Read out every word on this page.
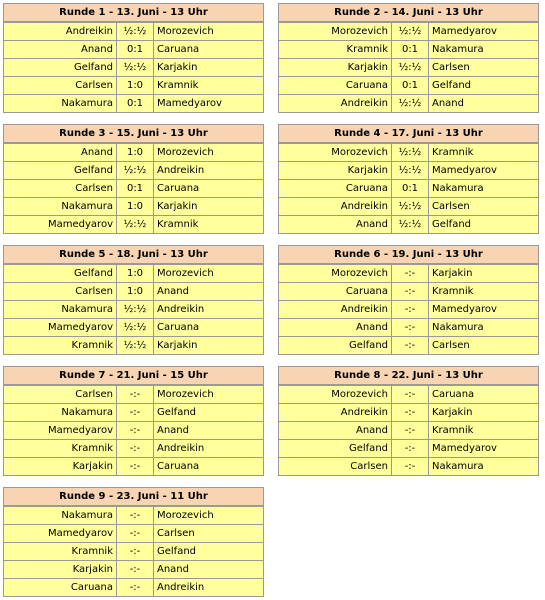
Runde 1 - 13. Juni - 13 Uhr
Andreikin	½:½	Morozevich
Anand	0:1	Caruana
Gelfand	½:½	Karjakin
Carlsen	1:0	Kramnik
Nakamura	0:1	Mamedyarov
Runde 2 - 14. Juni - 13 Uhr
Morozevich	½:½	Mamedyarov
Kramnik	0:1	Nakamura
Karjakin	½:½	Carlsen
Caruana	0:1	Gelfand
Andreikin	½:½	Anand
Runde 3 - 15. Juni - 13 Uhr
Anand	1:0	Morozevich
Gelfand	½:½	Andreikin
Carlsen	0:1	Caruana
Nakamura	1:0	Karjakin
Mamedyarov	½:½	Kramnik
Runde 4 - 17. Juni - 13 Uhr
Morozevich	½:½	Kramnik
Karjakin	½:½	Mamedyarov
Caruana	0:1	Nakamura
Andreikin	½:½	Carlsen
Anand	½:½	Gelfand
Runde 5 - 18. Juni - 13 Uhr
Gelfand	1:0	Morozevich
Carlsen	1:0	Anand
Nakamura	½:½	Andreikin
Mamedyarov	½:½	Caruana
Kramnik	½:½	Karjakin
Runde 6 - 19. Juni - 13 Uhr
Morozevich	-:-	Karjakin
Caruana	-:-	Kramnik
Andreikin	-:-	Mamedyarov
Anand	-:-	Nakamura
Gelfand	-:-	Carlsen
Runde 7 - 21. Juni - 15 Uhr
Carlsen	-:-	Morozevich
Nakamura	-:-	Gelfand
Mamedyarov	-:-	Anand
Kramnik	-:-	Andreikin
Karjakin	-:-	Caruana
Runde 8 - 22. Juni - 13 Uhr
Morozevich	-:-	Caruana
Andreikin	-:-	Karjakin
Anand	-:-	Kramnik
Gelfand	-:-	Mamedyarov
Carlsen	-:-	Nakamura
Runde 9 - 23. Juni - 11 Uhr
Nakamura	-:-	Morozevich
Mamedyarov	-:-	Carlsen
Kramnik	-:-	Gelfand
Karjakin	-:-	Anand
Caruana	-:-	Andreikin
